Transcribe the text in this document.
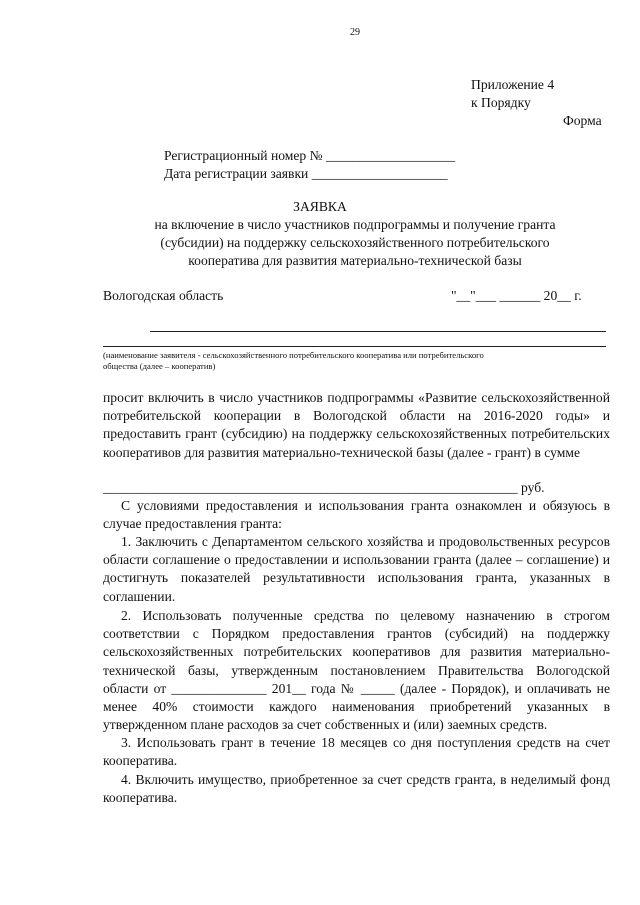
29
Приложение 4
к Порядку
Форма
Регистрационный номер № ___________________
Дата регистрации заявки ____________________
ЗАЯВКА
на включение в число участников подпрограммы и получение гранта
(субсидии) на поддержку сельскохозяйственного потребительского
кооператива для развития материально-технической базы
Вологодская область	"__"___ ______ 20__ г.
(наименование заявителя - сельскохозяйственного потребительского кооператива или потребительского
общества (далее – кооператив)
просит включить в число участников подпрограммы «Развитие сельскохозяйственной потребительской кооперации в Вологодской области на 2016-2020 годы» и предоставить грант (субсидию) на поддержку сельскохозяйственных потребительских кооперативов для развития материально-технической базы (далее - грант) в сумме
_____________________________________________________________ руб.
С условиями предоставления и использования гранта ознакомлен и обязуюсь в случае предоставления гранта:
1. Заключить с Департаментом сельского хозяйства и продовольственных ресурсов области соглашение о предоставлении и использовании гранта (далее – соглашение) и достигнуть показателей результативности использования гранта, указанных в соглашении.
2. Использовать полученные средства по целевому назначению в строгом соответствии с Порядком предоставления грантов (субсидий) на поддержку сельскохозяйственных потребительских кооперативов для развития материально-технической базы, утвержденным постановлением Правительства Вологодской области от ______________ 201__ года № _____ (далее - Порядок), и оплачивать не менее 40% стоимости каждого наименования приобретений указанных в утвержденном плане расходов за счет собственных и (или) заемных средств.
3. Использовать грант в течение 18 месяцев со дня поступления средств на счет кооператива.
4. Включить имущество, приобретенное за счет средств гранта, в неделимый фонд кооператива.
